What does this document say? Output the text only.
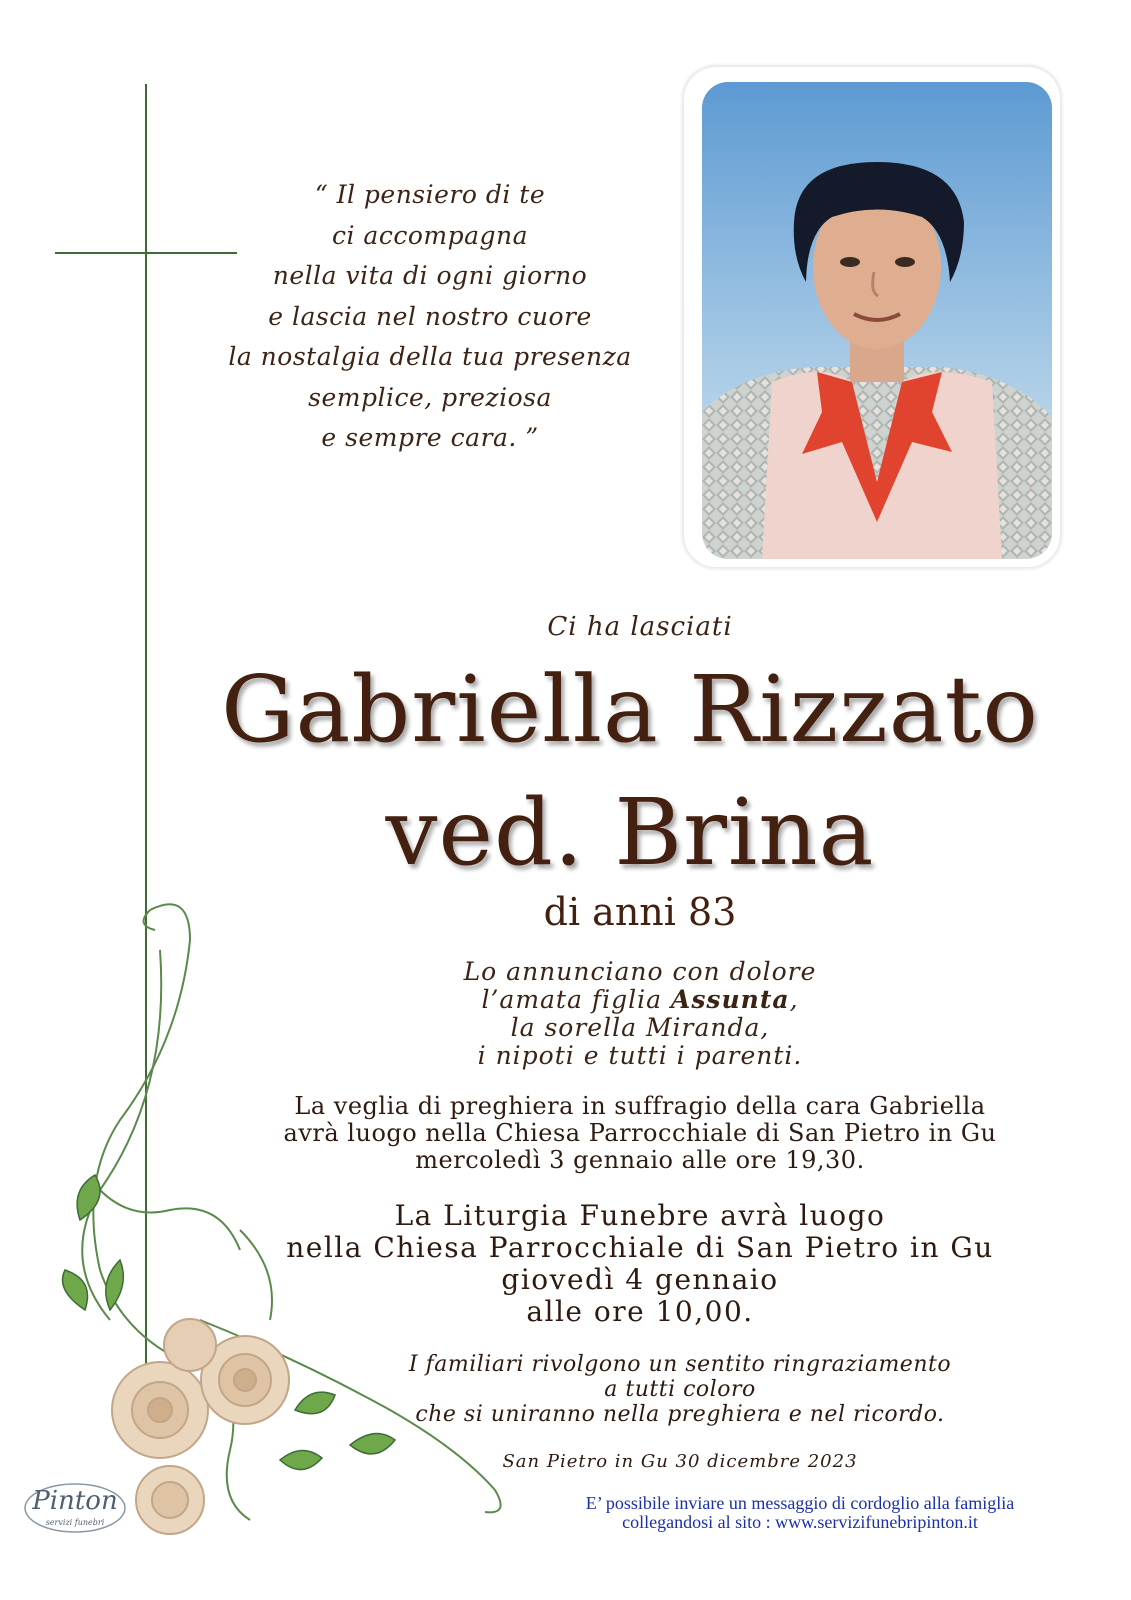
“ Il pensiero di te
ci accompagna
nella vita di ogni giorno
e lascia nel nostro cuore
la nostalgia della tua presenza
semplice, preziosa
e sempre cara. ”
Ci ha lasciati
Gabriella Rizzato
ved. Brina
di anni 83
Lo annunciano con dolore
l’amata figlia Assunta,
la sorella Miranda,
i nipoti e tutti i parenti.
La veglia di preghiera in suffragio della cara Gabriella
avrà luogo nella Chiesa Parrocchiale di San Pietro in Gu
mercoledì 3 gennaio alle ore 19,30.
La Liturgia Funebre avrà luogo
nella Chiesa Parrocchiale di San Pietro in Gu
giovedì 4 gennaio
alle ore 10,00.
I familiari rivolgono un sentito ringraziamento
a tutti coloro
che si uniranno nella preghiera e nel ricordo.
San Pietro in Gu 30 dicembre 2023
E’ possibile inviare un messaggio di cordoglio alla famiglia
collegandosi al sito : www.servizifunebripinton.it
Pinton
servizi funebri
